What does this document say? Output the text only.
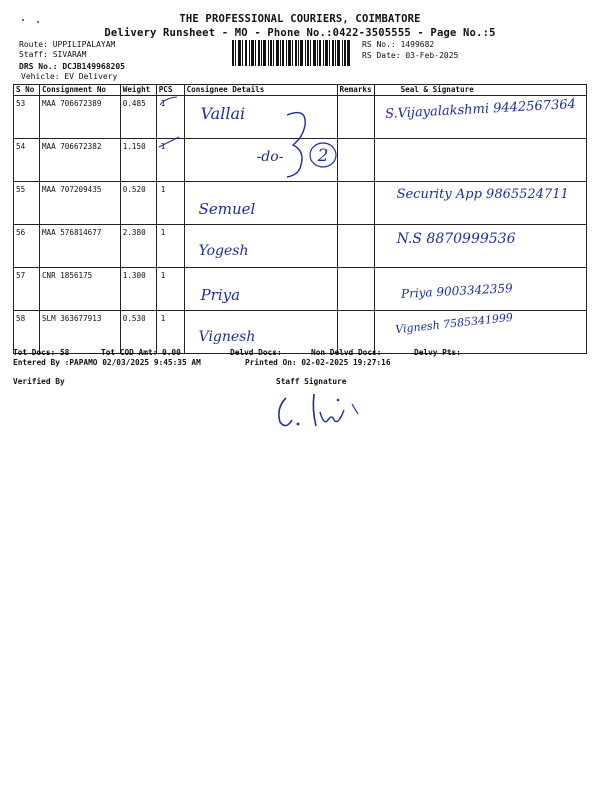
THE PROFESSIONAL COURIERS, COIMBATORE
Delivery Runsheet - MO - Phone No.:0422-3505555 - Page No.:5
Route: UPPILIPALAYAM
Staff: SIVARAM
DRS No.: DCJB149968205
Vehicle: EV Delivery
RS No.: 1499682
RS Date: 03-Feb-2025
S No	Consignment No	Weight	PCS	Consignee Details	Remarks	Seal & Signature
53	MAA 706672389	0.485	1	Vallai		S.Vijayalakshmi 9442567364

54	MAA 706672382	1.150	1	-do- 2		

55	MAA 707209435	0.520	1	Semuel		Security App 9865524711

56	MAA 576814677	2.380	1	Yogesh		N.S 8870999536

57	CNR 1856175	1.300	1	Priya		Priya 9003342359

58	SLM 363677913	0.530	1	Vignesh		Vignesh 7585341999
Tot Docs: 58	Tot COD Amt: 0.00	Delvd Docs:	Non Delvd Docs:	Delvy Pts:
Entered By :PAPAMO 02/03/2025 9:45:35 AM	Printed On: 02-02-2025 19:27:16
Verified By	Staff Signature
